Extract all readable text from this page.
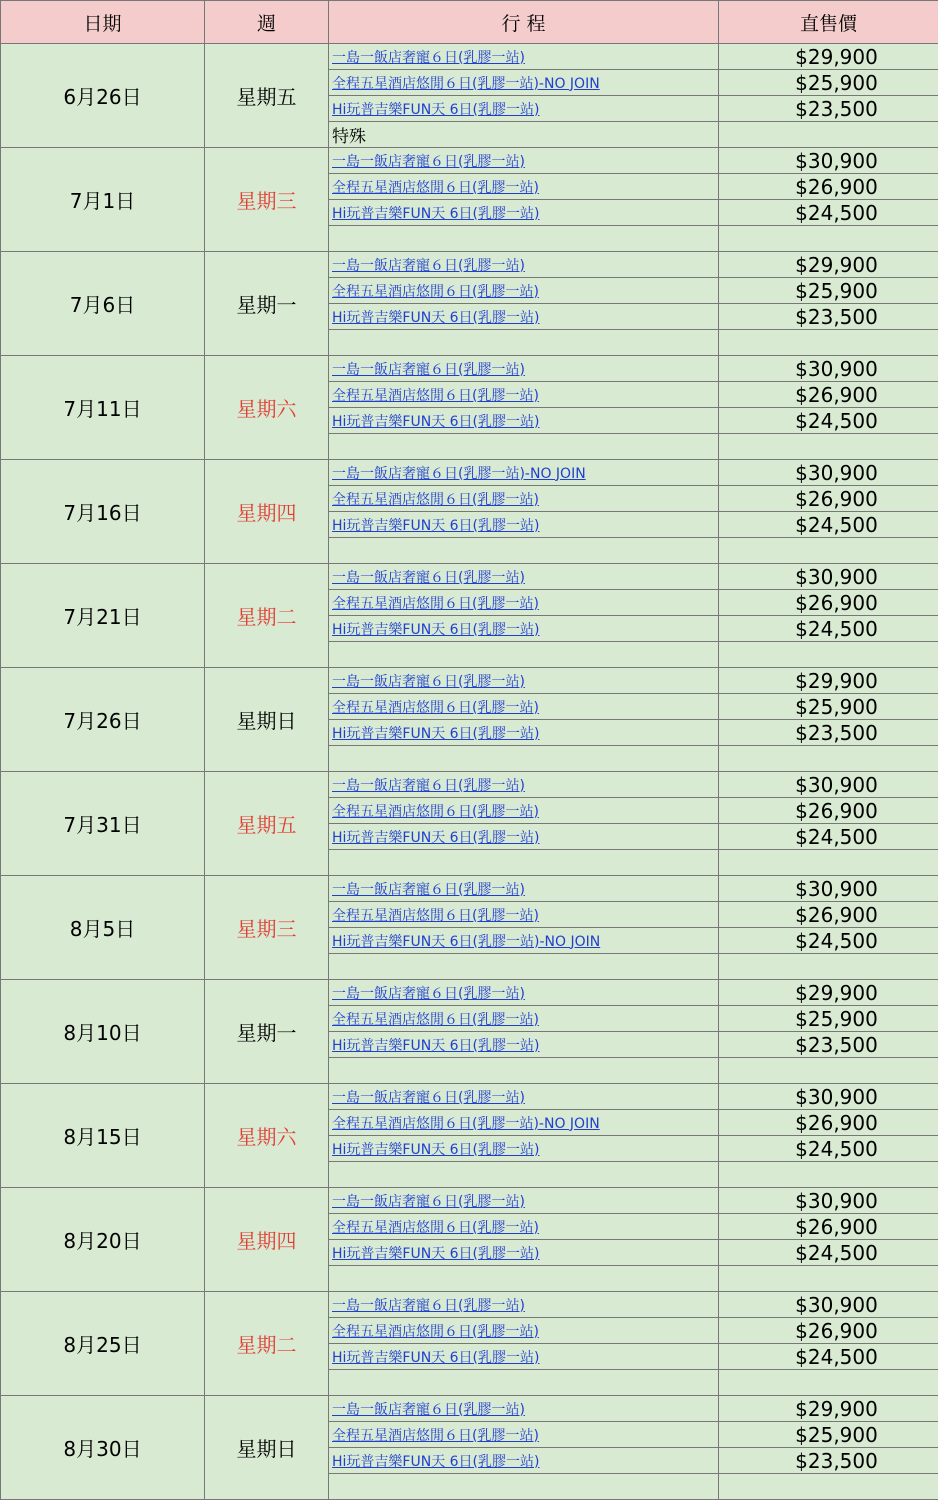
日期	週	行 程	直售價
6月26日	星期五	一島一飯店奢寵６日(乳膠一站)	$29,900
		全程五星酒店悠閒６日(乳膠一站)-NO JOIN	$25,900
		Hi玩普吉樂FUN天 6日(乳膠一站)	$23,500
		特殊	
7月1日	星期三	一島一飯店奢寵６日(乳膠一站)	$30,900
		全程五星酒店悠閒６日(乳膠一站)	$26,900
		Hi玩普吉樂FUN天 6日(乳膠一站)	$24,500

7月6日	星期一	一島一飯店奢寵６日(乳膠一站)	$29,900
		全程五星酒店悠閒６日(乳膠一站)	$25,900
		Hi玩普吉樂FUN天 6日(乳膠一站)	$23,500

7月11日	星期六	一島一飯店奢寵６日(乳膠一站)	$30,900
		全程五星酒店悠閒６日(乳膠一站)	$26,900
		Hi玩普吉樂FUN天 6日(乳膠一站)	$24,500

7月16日	星期四	一島一飯店奢寵６日(乳膠一站)-NO JOIN	$30,900
		全程五星酒店悠閒６日(乳膠一站)	$26,900
		Hi玩普吉樂FUN天 6日(乳膠一站)	$24,500

7月21日	星期二	一島一飯店奢寵６日(乳膠一站)	$30,900
		全程五星酒店悠閒６日(乳膠一站)	$26,900
		Hi玩普吉樂FUN天 6日(乳膠一站)	$24,500

7月26日	星期日	一島一飯店奢寵６日(乳膠一站)	$29,900
		全程五星酒店悠閒６日(乳膠一站)	$25,900
		Hi玩普吉樂FUN天 6日(乳膠一站)	$23,500

7月31日	星期五	一島一飯店奢寵６日(乳膠一站)	$30,900
		全程五星酒店悠閒６日(乳膠一站)	$26,900
		Hi玩普吉樂FUN天 6日(乳膠一站)	$24,500

8月5日	星期三	一島一飯店奢寵６日(乳膠一站)	$30,900
		全程五星酒店悠閒６日(乳膠一站)	$26,900
		Hi玩普吉樂FUN天 6日(乳膠一站)-NO JOIN	$24,500

8月10日	星期一	一島一飯店奢寵６日(乳膠一站)	$29,900
		全程五星酒店悠閒６日(乳膠一站)	$25,900
		Hi玩普吉樂FUN天 6日(乳膠一站)	$23,500

8月15日	星期六	一島一飯店奢寵６日(乳膠一站)	$30,900
		全程五星酒店悠閒６日(乳膠一站)-NO JOIN	$26,900
		Hi玩普吉樂FUN天 6日(乳膠一站)	$24,500

8月20日	星期四	一島一飯店奢寵６日(乳膠一站)	$30,900
		全程五星酒店悠閒６日(乳膠一站)	$26,900
		Hi玩普吉樂FUN天 6日(乳膠一站)	$24,500

8月25日	星期二	一島一飯店奢寵６日(乳膠一站)	$30,900
		全程五星酒店悠閒６日(乳膠一站)	$26,900
		Hi玩普吉樂FUN天 6日(乳膠一站)	$24,500

8月30日	星期日	一島一飯店奢寵６日(乳膠一站)	$29,900
		全程五星酒店悠閒６日(乳膠一站)	$25,900
		Hi玩普吉樂FUN天 6日(乳膠一站)	$23,500
